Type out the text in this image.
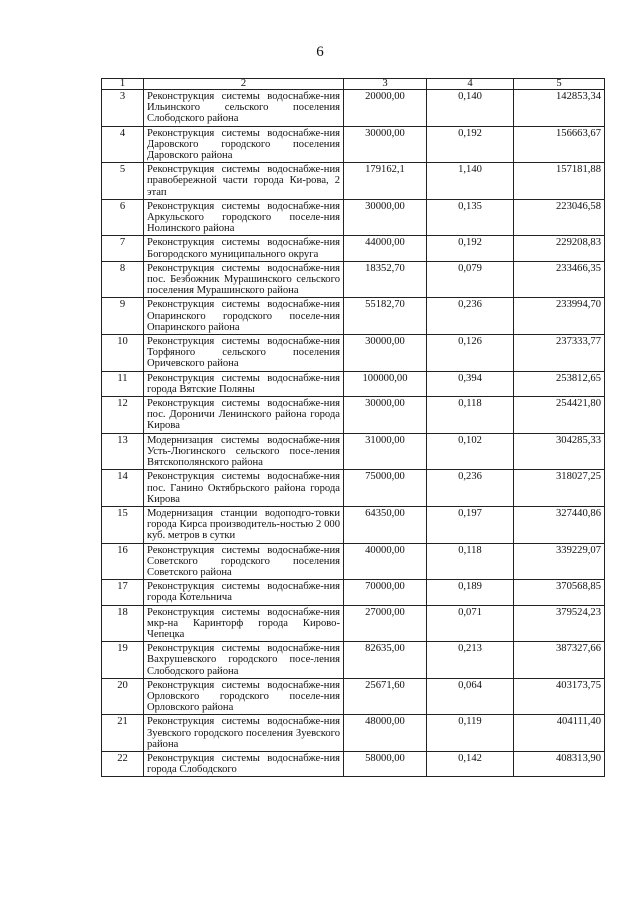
6
1	2	3	4	5
3	Реконструкция системы водоснабже-ния Ильинского сельского поселения Слободского района	20000,00	0,140	142853,34
4	Реконструкция системы водоснабже-ния Даровского городского поселения Даровского района	30000,00	0,192	156663,67
5	Реконструкция системы водоснабже-ния правобережной части города Ки-рова, 2 этап	179162,1	1,140	157181,88
6	Реконструкция системы водоснабже-ния Аркульского городского поселе-ния Нолинского района	30000,00	0,135	223046,58
7	Реконструкция системы водоснабже-ния Богородского муниципального округа	44000,00	0,192	229208,83
8	Реконструкция системы водоснабже-ния пос. Безбожник Мурашинского сельского поселения Мурашинского района	18352,70	0,079	233466,35
9	Реконструкция системы водоснабже-ния Опаринского городского поселе-ния Опаринского района	55182,70	0,236	233994,70
10	Реконструкция системы водоснабже-ния Торфяного сельского поселения Оричевского района	30000,00	0,126	237333,77
11	Реконструкция системы водоснабже-ния города Вятские Поляны	100000,00	0,394	253812,65
12	Реконструкция системы водоснабже-ния пос. Дороничи Ленинского района города Кирова	30000,00	0,118	254421,80
13	Модернизация системы водоснабже-ния Усть-Люгинского сельского посе-ления Вятскополянского района	31000,00	0,102	304285,33
14	Реконструкция системы водоснабже-ния пос. Ганино Октябрьского района города Кирова	75000,00	0,236	318027,25
15	Модернизация станции водоподго-товки города Кирса производитель-ностью 2 000 куб. метров в сутки	64350,00	0,197	327440,86
16	Реконструкция системы водоснабже-ния Советского городского поселения Советского района	40000,00	0,118	339229,07
17	Реконструкция системы водоснабже-ния города Котельнича	70000,00	0,189	370568,85
18	Реконструкция системы водоснабже-ния мкр-на Каринторф города Кирово-Чепецка	27000,00	0,071	379524,23
19	Реконструкция системы водоснабже-ния Вахрушевского городского посе-ления Слободского района	82635,00	0,213	387327,66
20	Реконструкция системы водоснабже-ния Орловского городского поселе-ния Орловского района	25671,60	0,064	403173,75
21	Реконструкция системы водоснабже-ния Зуевского городского поселения Зуевского района	48000,00	0,119	404111,40
22	Реконструкция системы водоснабже-ния города Слободского	58000,00	0,142	408313,90
